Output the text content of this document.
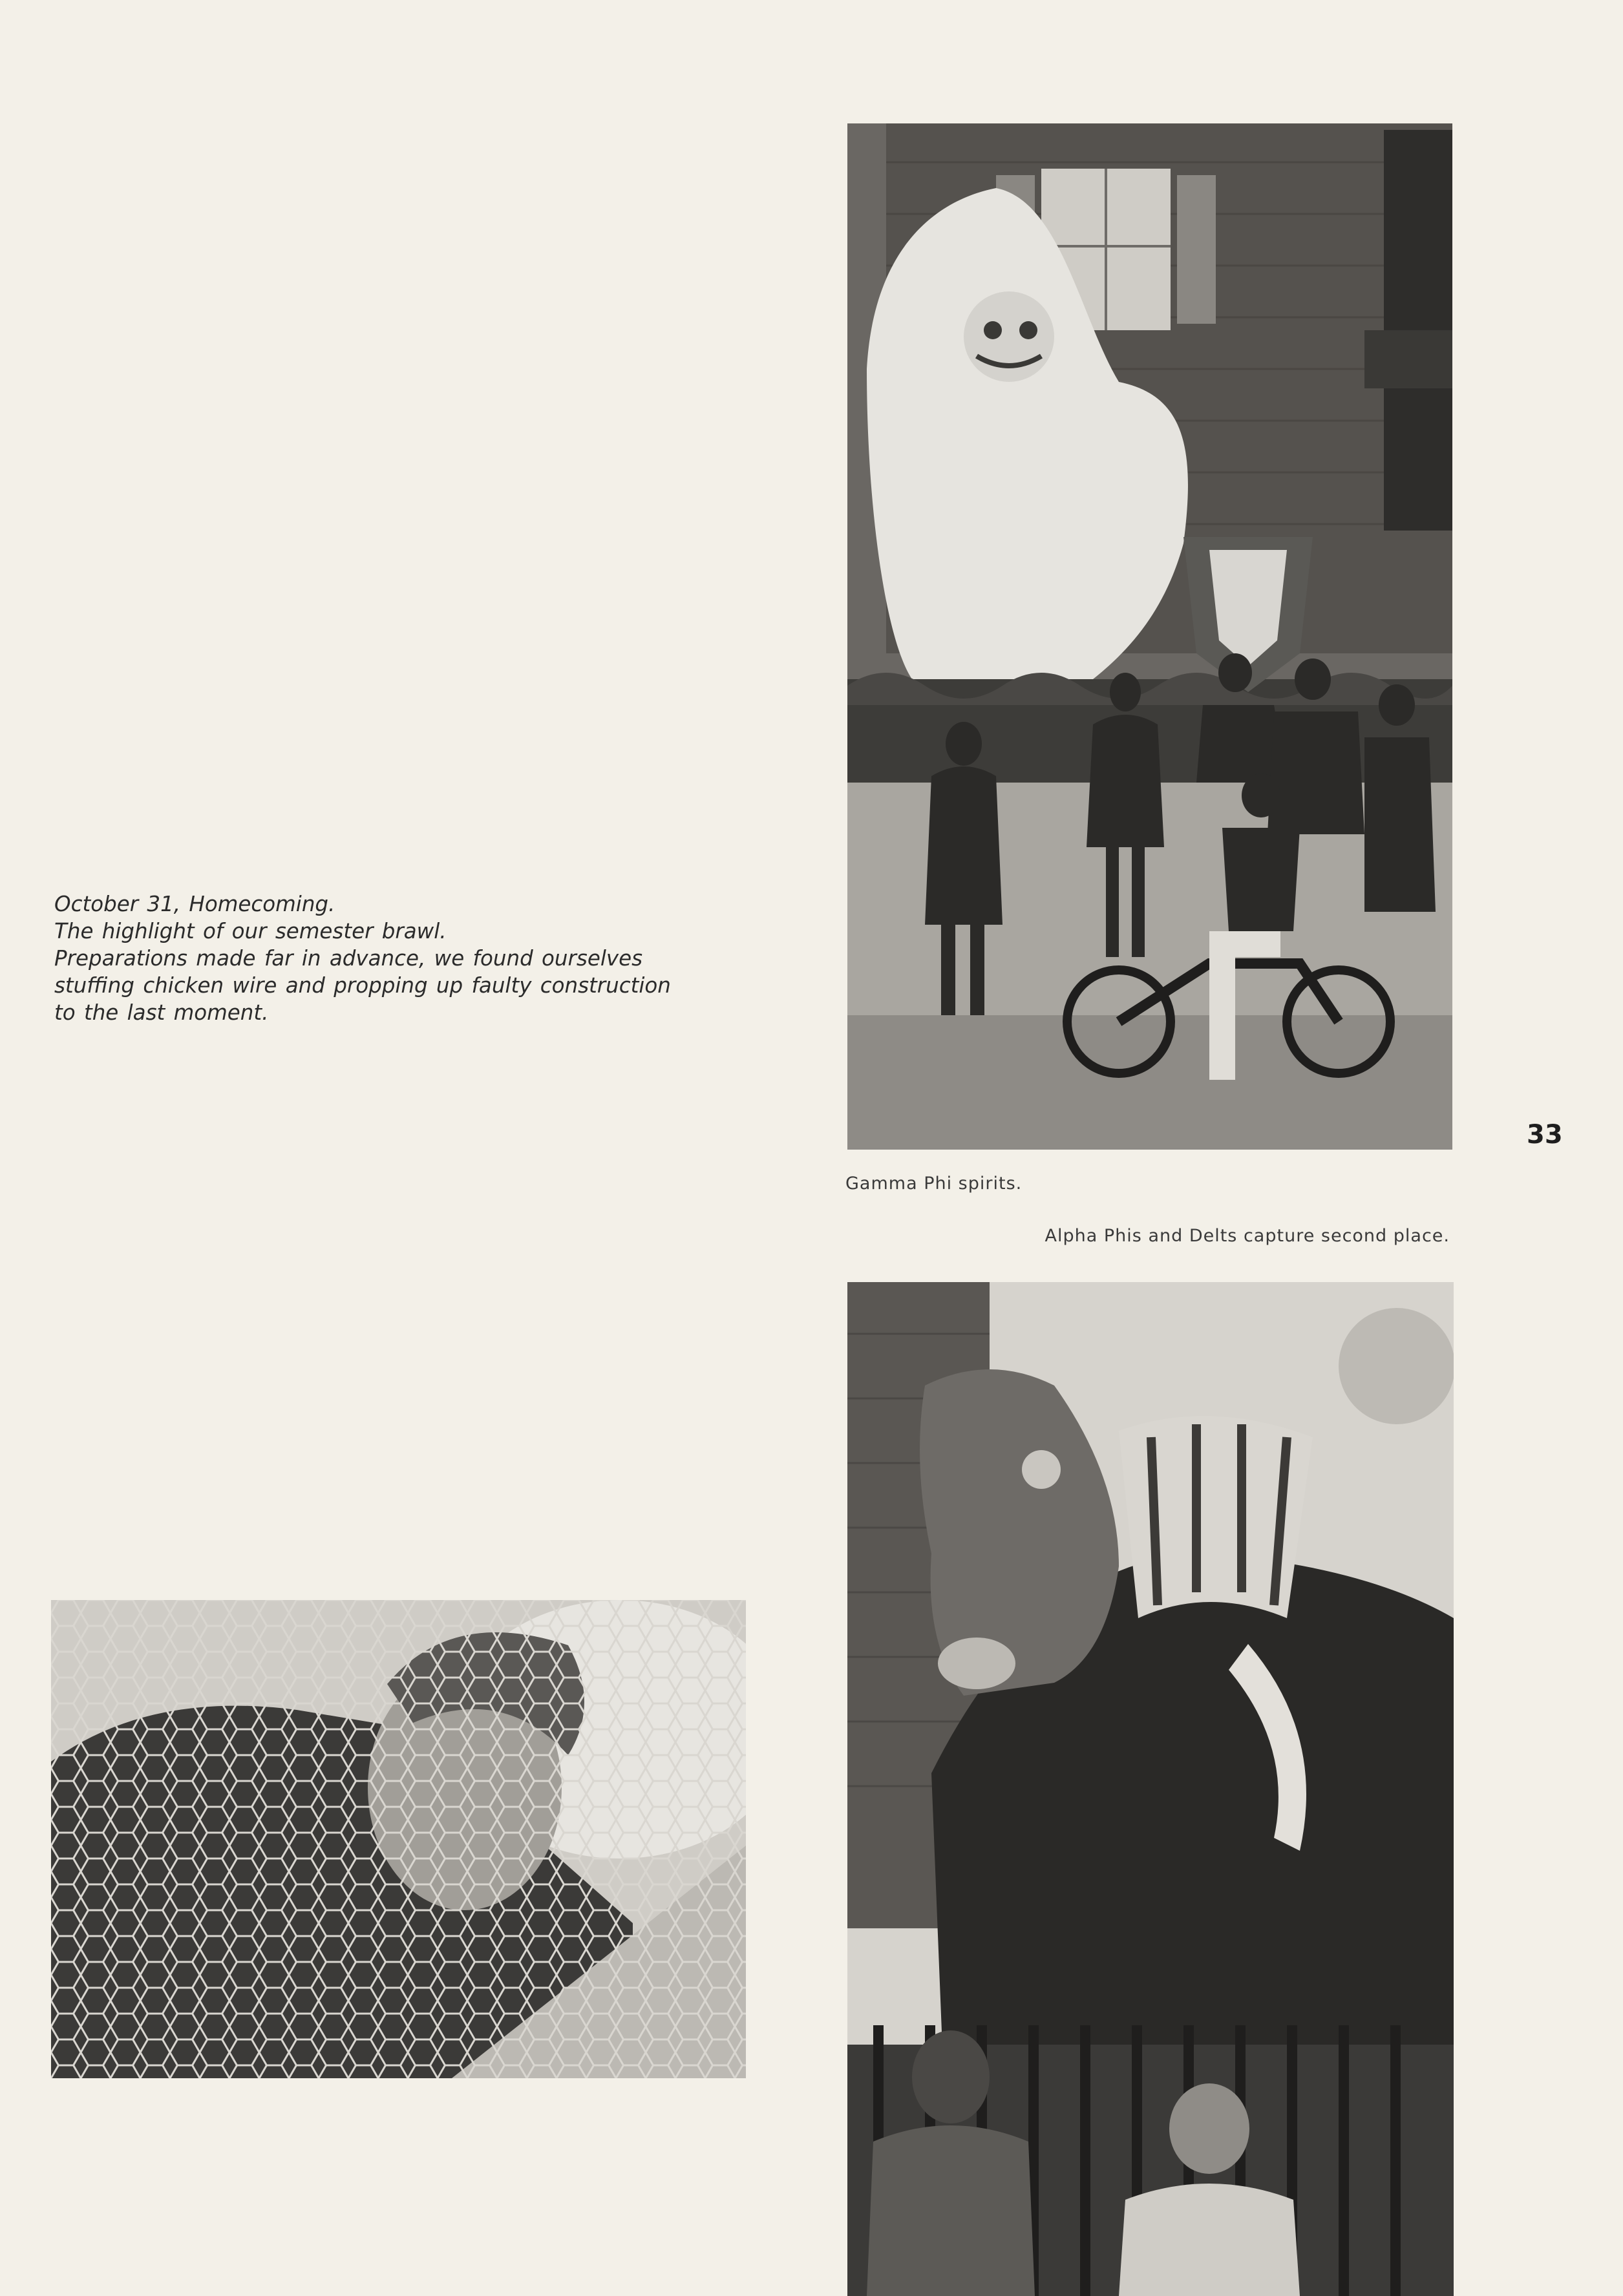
33
Gamma Phi spirits.
Alpha Phis and Delts capture second place.
October 31, Homecoming.
The highlight of our semester brawl.
Preparations made far in advance, we found ourselves
stuffing chicken wire and propping up faulty construction
to the last moment.
